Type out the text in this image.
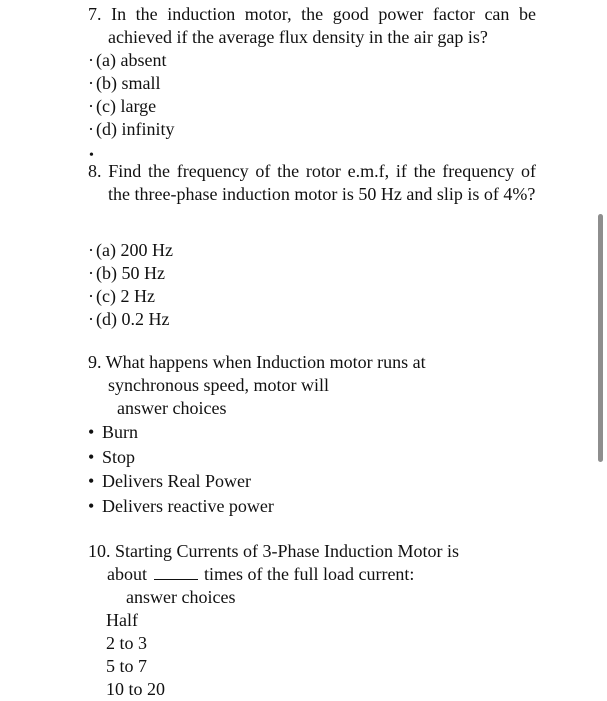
7. In the induction motor, the good power factor can be achieved if the average flux density in the air gap is?
· (a) absent
· (b) small
· (c) large
· (d) infinity
•
8. Find the frequency of the rotor e.m.f, if the frequency of the three-phase induction motor is 50 Hz and slip is of 4%?
· (a) 200 Hz
· (b) 50 Hz
· (c) 2 Hz
· (d) 0.2 Hz
9. What happens when Induction motor runs at
synchronous speed, motor will
answer choices
• Burn
• Stop
• Delivers Real Power
• Delivers reactive power
10. Starting Currents of 3-Phase Induction Motor is
about	times of the full load current:
answer choices
Half
2 to 3
5 to 7
10 to 20
